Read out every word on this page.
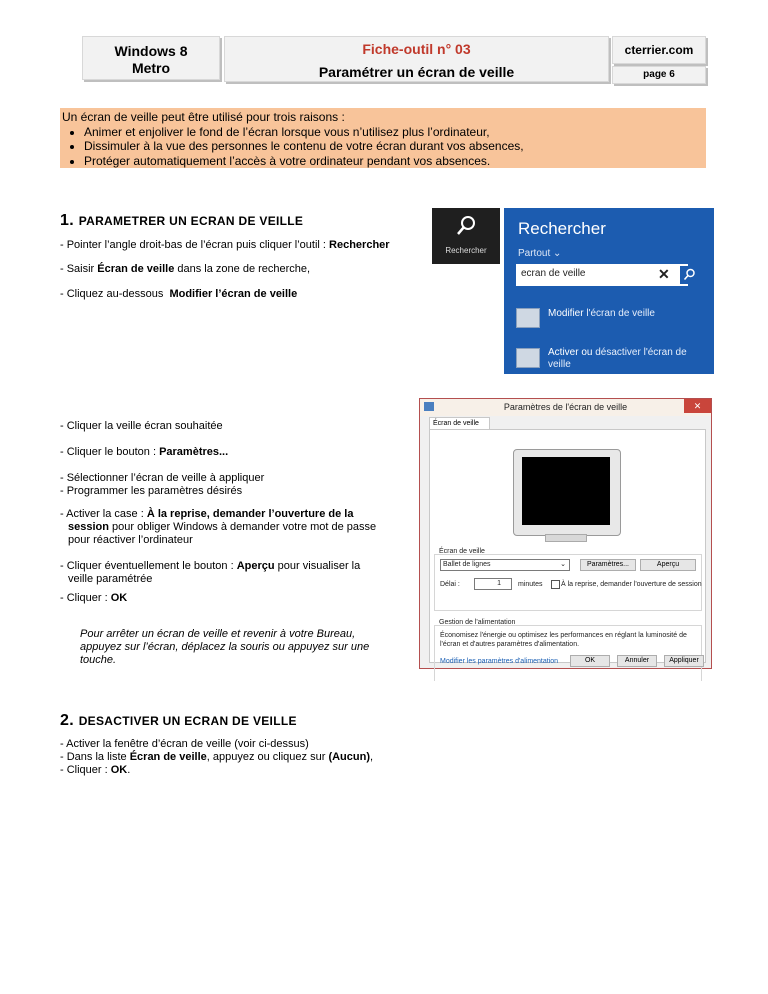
Windows 8
Metro
Fiche-outil n° 03
Paramétrer un écran de veille
cterrier.com
page 6

Un écran de veille peut être utilisé pour trois raisons :

• Animer et enjoliver le fond de l’écran lorsque vous n’utilisez plus l’ordinateur,
• Dissimuler à la vue des personnes le contenu de votre écran durant vos absences,
• Protéger automatiquement l’accès à votre ordinateur pendant vos absences.
1. PARAMETRER UN ECRAN DE VEILLE
- Pointer l’angle droit-bas de l’écran puis cliquer l’outil : Rechercher
- Saisir Écran de veille dans la zone de recherche,
- Cliquez au-dessous  Modifier l’écran de veille
- Cliquer la veille écran souhaitée
- Cliquer le bouton : Paramètres...
- Sélectionner l’écran de veille à appliquer
- Programmer les paramètres désirés
- Activer la case : À la reprise, demander l’ouverture de la
session pour obliger Windows à demander votre mot de passe
pour réactiver l’ordinateur
- Cliquer éventuellement le bouton : Aperçu pour visualiser la
veille paramétrée
- Cliquer : OK
Pour arrêter un écran de veille et revenir à votre Bureau,
appuyez sur l’écran, déplacez la souris ou appuyez sur une
touche.
Rechercher
Rechercher
Partout ⌄
ecran de veille	✕
Modifier l'écran de veille
Activer ou désactiver l'écran de
veille
Paramètres de l'écran de veille	✕
Écran de veille
Écran de veille
Ballet de lignes	⌄	Paramètres...	Aperçu
Délai :	1	minutes	À la reprise, demander l'ouverture de session
Gestion de l'alimentation
Économisez l'énergie ou optimisez les performances en réglant la luminosité de
l'écran et d'autres paramètres d'alimentation.
Modifier les paramètres d'alimentation	OK	Annuler	Appliquer
2. DESACTIVER UN ECRAN DE VEILLE
- Activer la fenêtre d’écran de veille (voir ci-dessus)
- Dans la liste Écran de veille, appuyez ou cliquez sur (Aucun),
- Cliquer : OK.
